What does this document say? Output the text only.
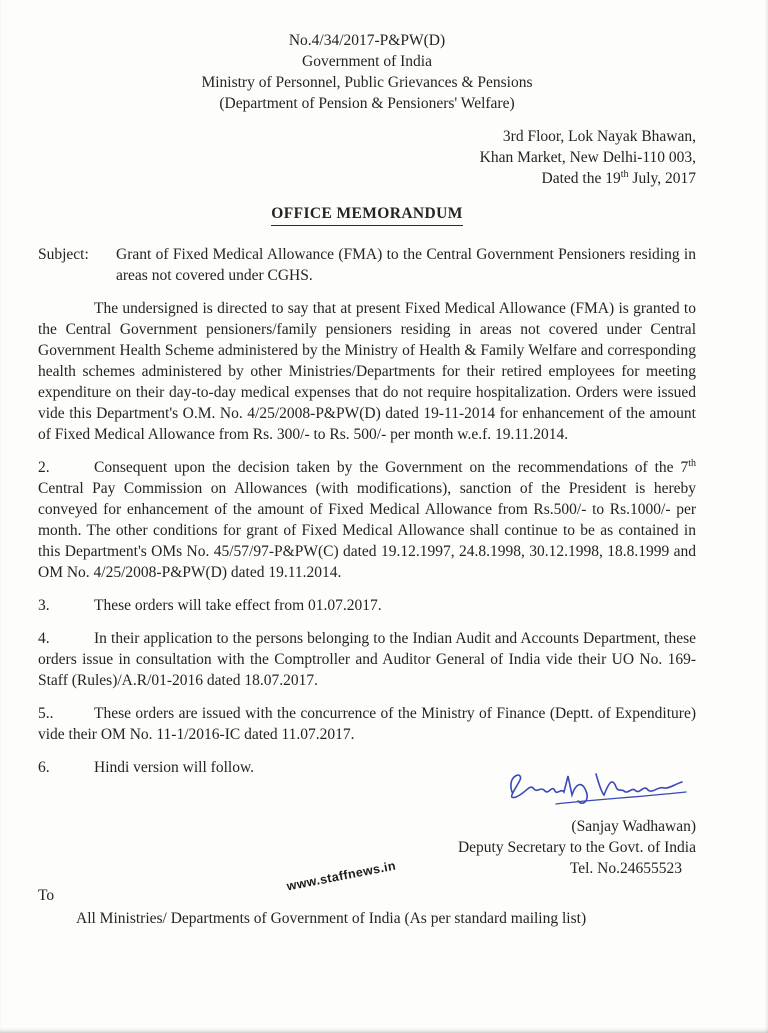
No.4/34/2017-P&PW(D)
Government of India
Ministry of Personnel, Public Grievances & Pensions
(Department of Pension & Pensioners' Welfare)
3rd Floor, Lok Nayak Bhawan,
Khan Market, New Delhi-110 003,
Dated the 19th July, 2017
OFFICE MEMORANDUM

Subject: Grant of Fixed Medical Allowance (FMA) to the Central Government Pensioners residing in areas not covered under CGHS.

The undersigned is directed to say that at present Fixed Medical Allowance (FMA) is granted to the Central Government pensioners/family pensioners residing in areas not covered under Central Government Health Scheme administered by the Ministry of Health & Family Welfare and corresponding health schemes administered by other Ministries/Departments for their retired employees for meeting expenditure on their day-to-day medical expenses that do not require hospitalization. Orders were issued vide this Department's O.M. No. 4/25/2008-P&PW(D) dated 19-11-2014 for enhancement of the amount of Fixed Medical Allowance from Rs. 300/- to Rs. 500/- per month w.e.f. 19.11.2014.

2.	Consequent upon the decision taken by the Government on the recommendations of the 7th Central Pay Commission on Allowances (with modifications), sanction of the President is hereby conveyed for enhancement of the amount of Fixed Medical Allowance from Rs.500/- to Rs.1000/- per month. The other conditions for grant of Fixed Medical Allowance shall continue to be as contained in this Department's OMs No. 45/57/97-P&PW(C) dated 19.12.1997, 24.8.1998, 30.12.1998, 18.8.1999 and OM No. 4/25/2008-P&PW(D) dated 19.11.2014.

3.	These orders will take effect from 01.07.2017.

4.	In their application to the persons belonging to the Indian Audit and Accounts Department, these orders issue in consultation with the Comptroller and Auditor General of India vide their UO No. 169-Staff (Rules)/A.R/01-2016 dated 18.07.2017.

5..	These orders are issued with the concurrence of the Ministry of Finance (Deptt. of Expenditure) vide their OM No. 11-1/2016-IC dated 11.07.2017.

6.	Hindi version will follow.

(Sanjay Wadhawan)
Deputy Secretary to the Govt. of India
Tel. No.24655523
www.staffnews.in

To

All Ministries/ Departments of Government of India (As per standard mailing list)
